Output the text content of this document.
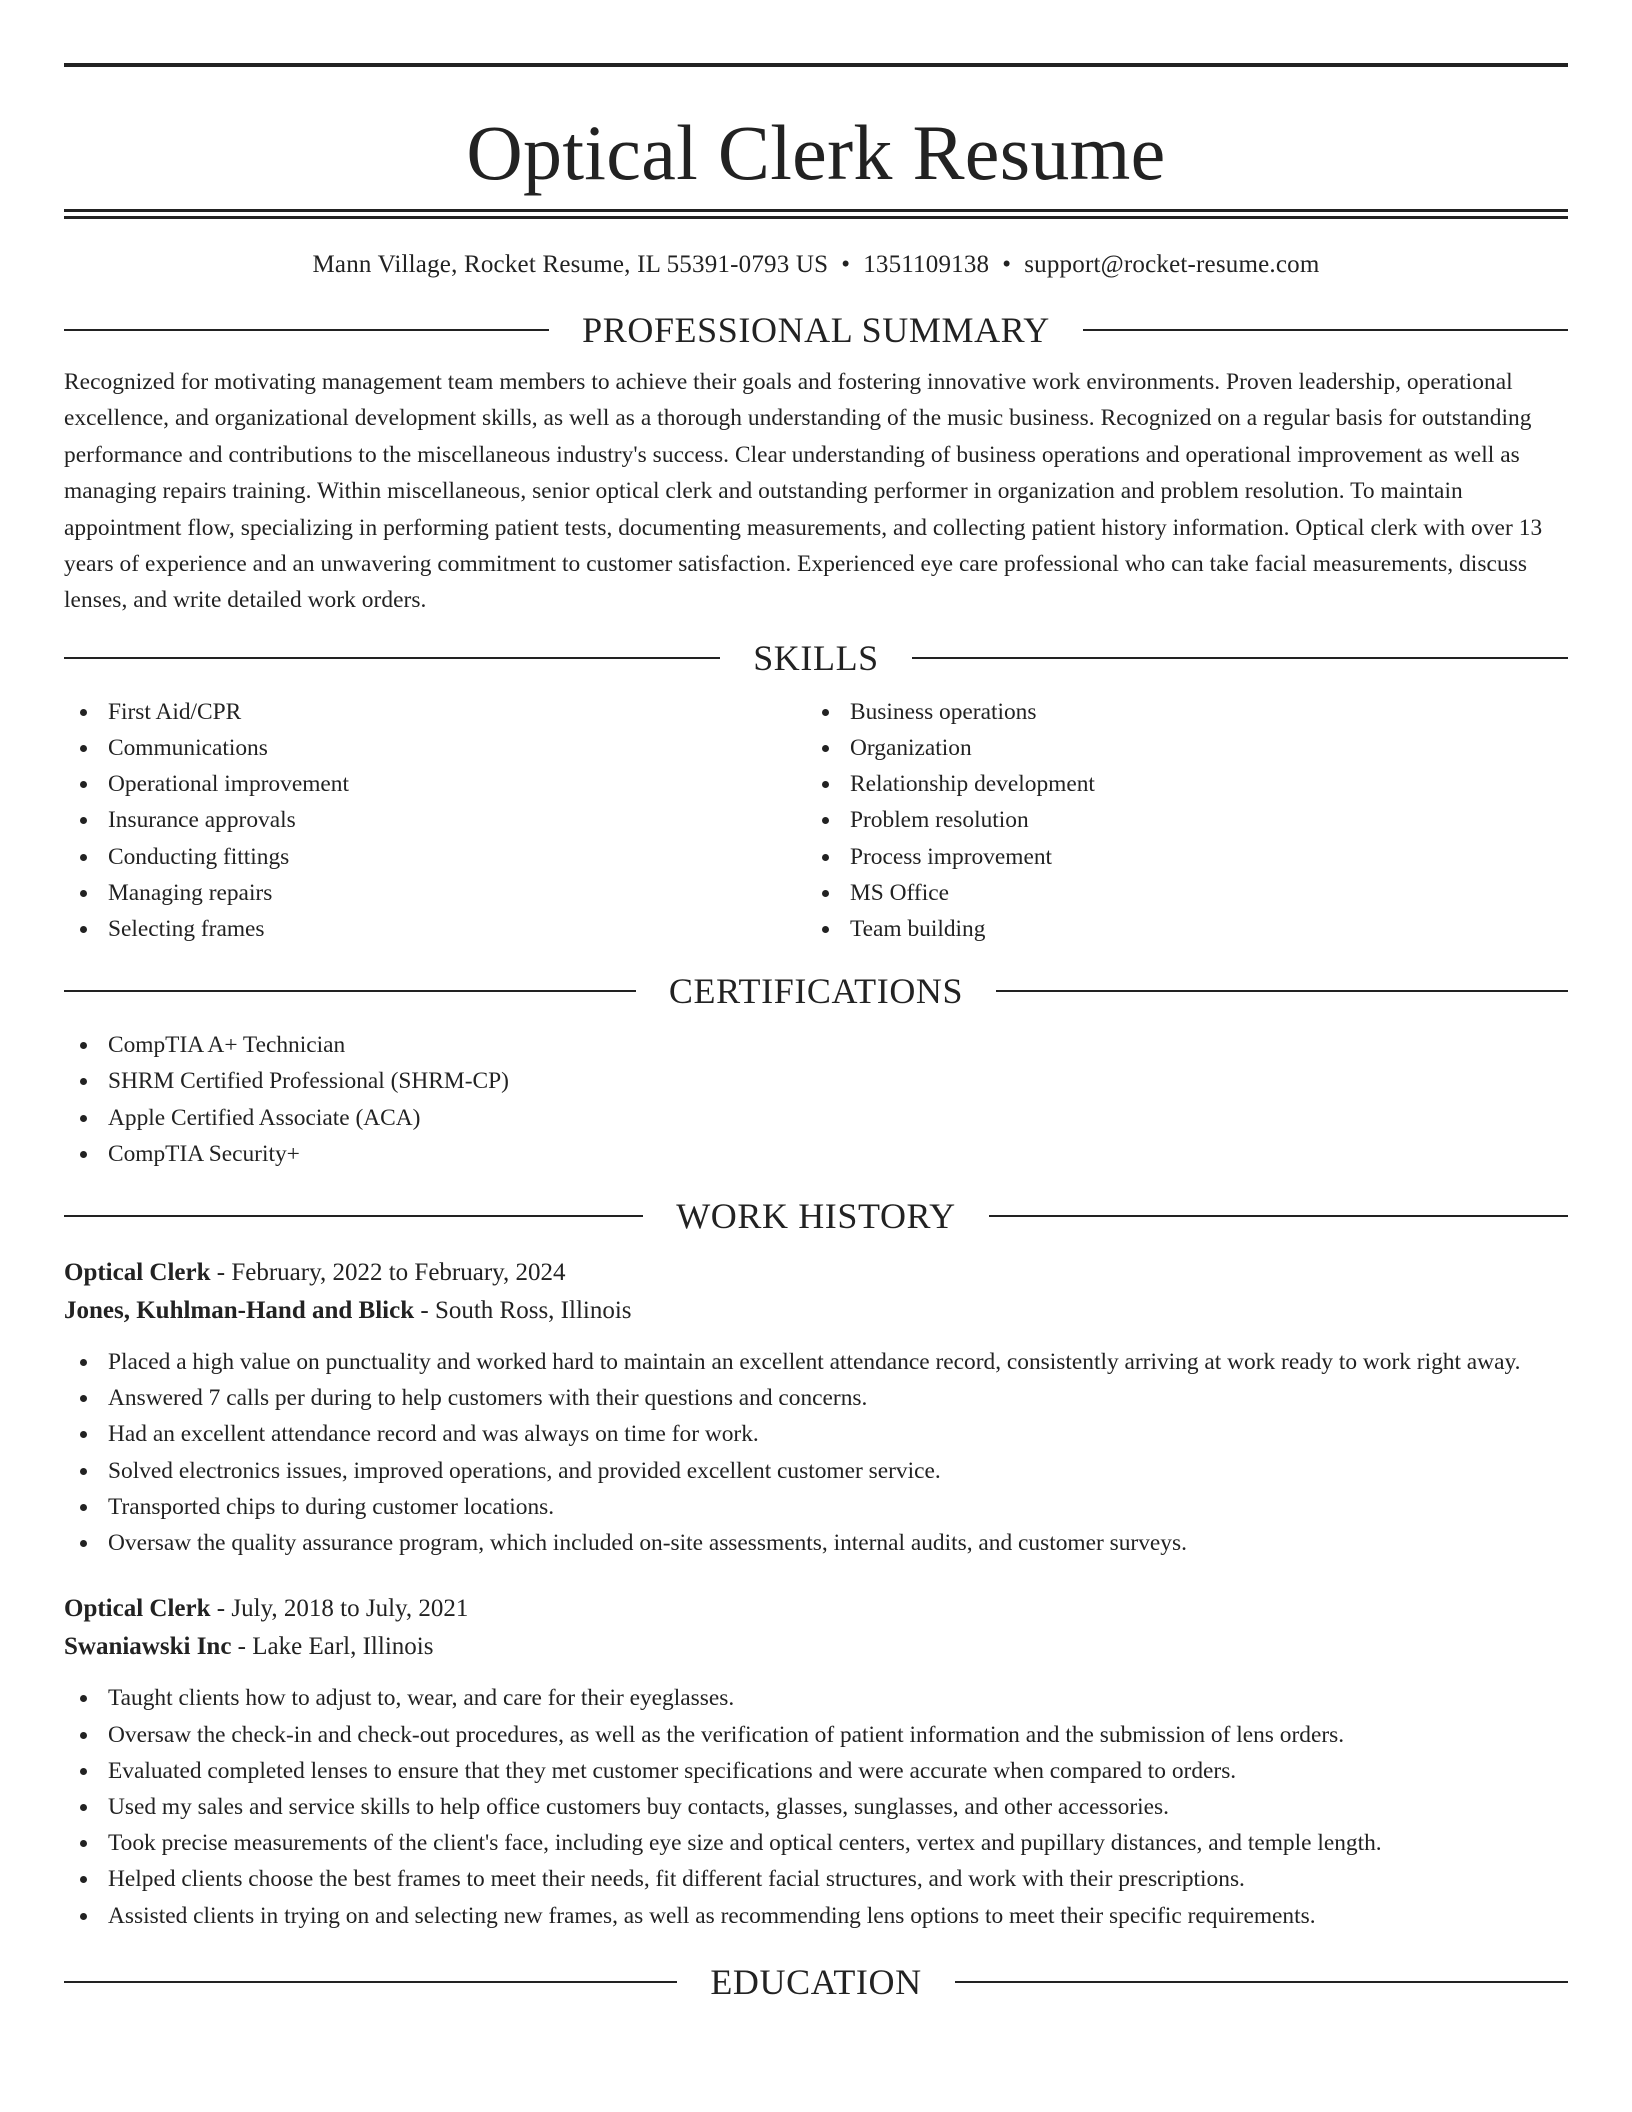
Optical Clerk Resume
Mann Village, Rocket Resume, IL 55391-0793 US • 1351109138 • support@rocket-resume.com
PROFESSIONAL SUMMARY

Recognized for motivating management team members to achieve their goals and fostering innovative work environments. Proven leadership, operational excellence, and organizational development skills, as well as a thorough understanding of the music business. Recognized on a regular basis for outstanding performance and contributions to the miscellaneous industry's success. Clear understanding of business operations and operational improvement as well as managing repairs training. Within miscellaneous, senior optical clerk and outstanding performer in organization and problem resolution. To maintain appointment flow, specializing in performing patient tests, documenting measurements, and collecting patient history information. Optical clerk with over 13 years of experience and an unwavering commitment to customer satisfaction. Experienced eye care professional who can take facial measurements, discuss lenses, and write detailed work orders.

SKILLS
First Aid/CPR
Communications
Operational improvement
Insurance approvals
Conducting fittings
Managing repairs
Selecting frames
Business operations
Organization
Relationship development
Problem resolution
Process improvement
MS Office
Team building
CERTIFICATIONS
CompTIA A+ Technician
SHRM Certified Professional (SHRM-CP)
Apple Certified Associate (ACA)
CompTIA Security+
WORK HISTORY
Optical Clerk - February, 2022 to February, 2024
Jones, Kuhlman-Hand and Blick - South Ross, Illinois
Placed a high value on punctuality and worked hard to maintain an excellent attendance record, consistently arriving at work ready to work right away.
Answered 7 calls per during to help customers with their questions and concerns.
Had an excellent attendance record and was always on time for work.
Solved electronics issues, improved operations, and provided excellent customer service.
Transported chips to during customer locations.
Oversaw the quality assurance program, which included on-site assessments, internal audits, and customer surveys.
Optical Clerk - July, 2018 to July, 2021
Swaniawski Inc - Lake Earl, Illinois
Taught clients how to adjust to, wear, and care for their eyeglasses.
Oversaw the check-in and check-out procedures, as well as the verification of patient information and the submission of lens orders.
Evaluated completed lenses to ensure that they met customer specifications and were accurate when compared to orders.
Used my sales and service skills to help office customers buy contacts, glasses, sunglasses, and other accessories.
Took precise measurements of the client's face, including eye size and optical centers, vertex and pupillary distances, and temple length.
Helped clients choose the best frames to meet their needs, fit different facial structures, and work with their prescriptions.
Assisted clients in trying on and selecting new frames, as well as recommending lens options to meet their specific requirements.
EDUCATION
